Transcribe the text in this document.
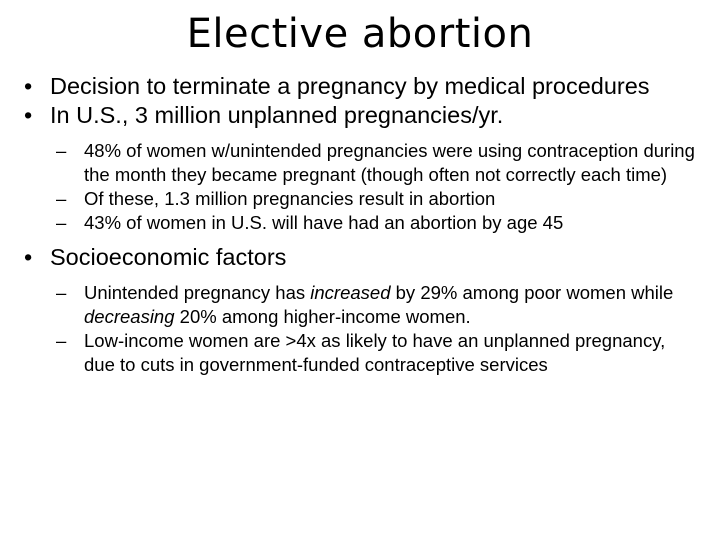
Elective abortion
• Decision to terminate a pregnancy by medical procedures
• In U.S., 3 million unplanned pregnancies/yr.
– 48% of women w/unintended pregnancies were using contraception during the month they became pregnant (though often not correctly each time)
– Of these, 1.3 million pregnancies result in abortion
– 43% of women in U.S. will have had an abortion by age 45
• Socioeconomic factors
– Unintended pregnancy has increased by 29% among poor women while decreasing 20% among higher-income women.
– Low-income women are >4x as likely to have an unplanned pregnancy, due to cuts in government-funded contraceptive services
